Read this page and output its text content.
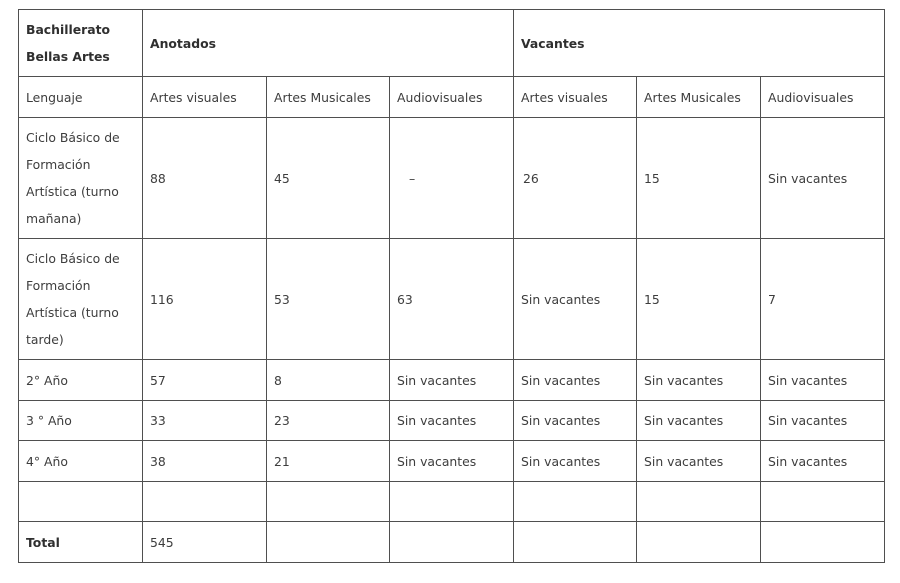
Bachillerato Bellas Artes	Anotados			Vacantes		
Lenguaje	Artes visuales	Artes Musicales	Audiovisuales	Artes visuales	Artes Musicales	Audiovisuales
Ciclo Básico de Formación Artística (turno mañana)	88	45	–	26	15	Sin vacantes
Ciclo Básico de Formación Artística (turno tarde)	116	53	63	Sin vacantes	15	7
2° Año	57	8	Sin vacantes	Sin vacantes	Sin vacantes	Sin vacantes
3 ° Año	33	23	Sin vacantes	Sin vacantes	Sin vacantes	Sin vacantes
4° Año	38	21	Sin vacantes	Sin vacantes	Sin vacantes	Sin vacantes

Total	545					
